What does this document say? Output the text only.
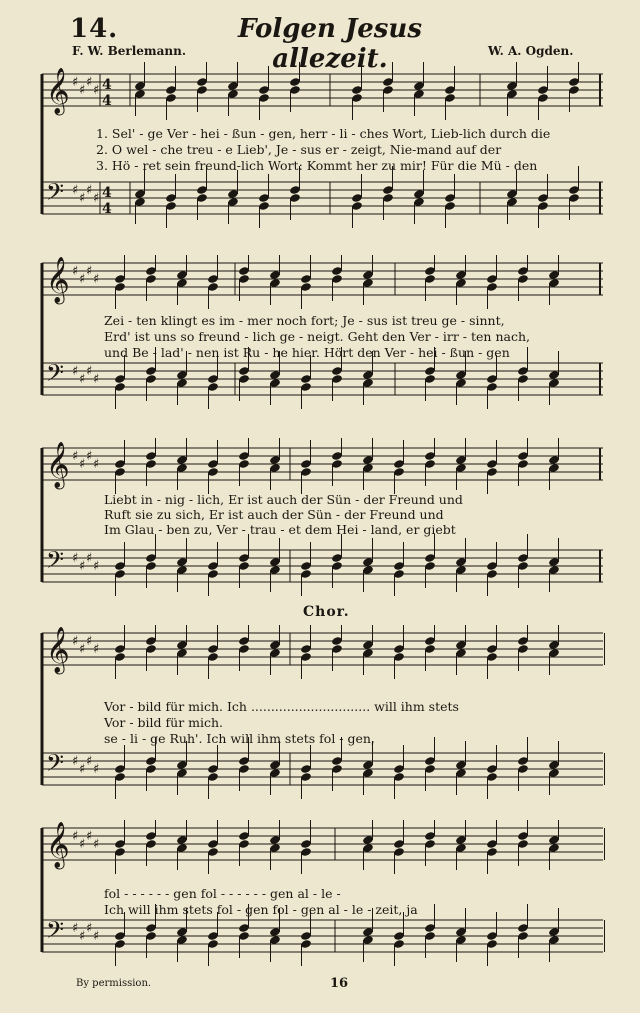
14.	Folgen Jesus allezeit.
F. W. Berlemann.	W. A. Ogden.
𝄞 ♯
♯
♯
♯ 4
4
𝄢 ♯
♯
♯
♯ 4
4
𝄞 ♯
♯
♯
♯
𝄢 ♯
♯
♯
♯
𝄞 ♯
♯
♯
♯
𝄢 ♯
♯
♯
♯
𝄞 ♯
♯
♯
♯
𝄢 ♯
♯
♯
♯
𝄞 ♯
♯
♯
♯
𝄢 ♯
♯
♯
♯
1. Sel' - ge Ver - hei - ßun - gen, herr - li - ches Wort, Lieb-lich durch die
2. O wel - che treu - e Lieb', Je - sus er - zeigt, Nie-mand auf der
3. Hö - ret sein freund-lich Wort: Kommt her zu mir! Für die Mü - den
Zei - ten klingt es im - mer noch fort; Je - sus ist treu ge - sinnt,
Erd' ist uns so freund - lich ge - neigt. Geht den Ver - irr - ten nach,
und Be - lad' - nen ist Ru - he hier. Hört den Ver - hei - ßun - gen
Liebt in - nig - lich, Er ist auch der Sün - der Freund und
Ruft sie zu sich, Er ist auch der Sün - der Freund und
Im Glau - ben zu, Ver - trau - et dem Hei - land, er giebt
Chor.
Vor - bild für mich. Ich .............................. will ihm stets
Vor - bild für mich.
se - li - ge Ruh'. Ich will ihm stets fol - gen,
fol - - - - - - gen fol - - - - - - gen al - le -
Ich will ihm stets fol - gen fol - gen al - le - zeit, ja
By permission.	16
